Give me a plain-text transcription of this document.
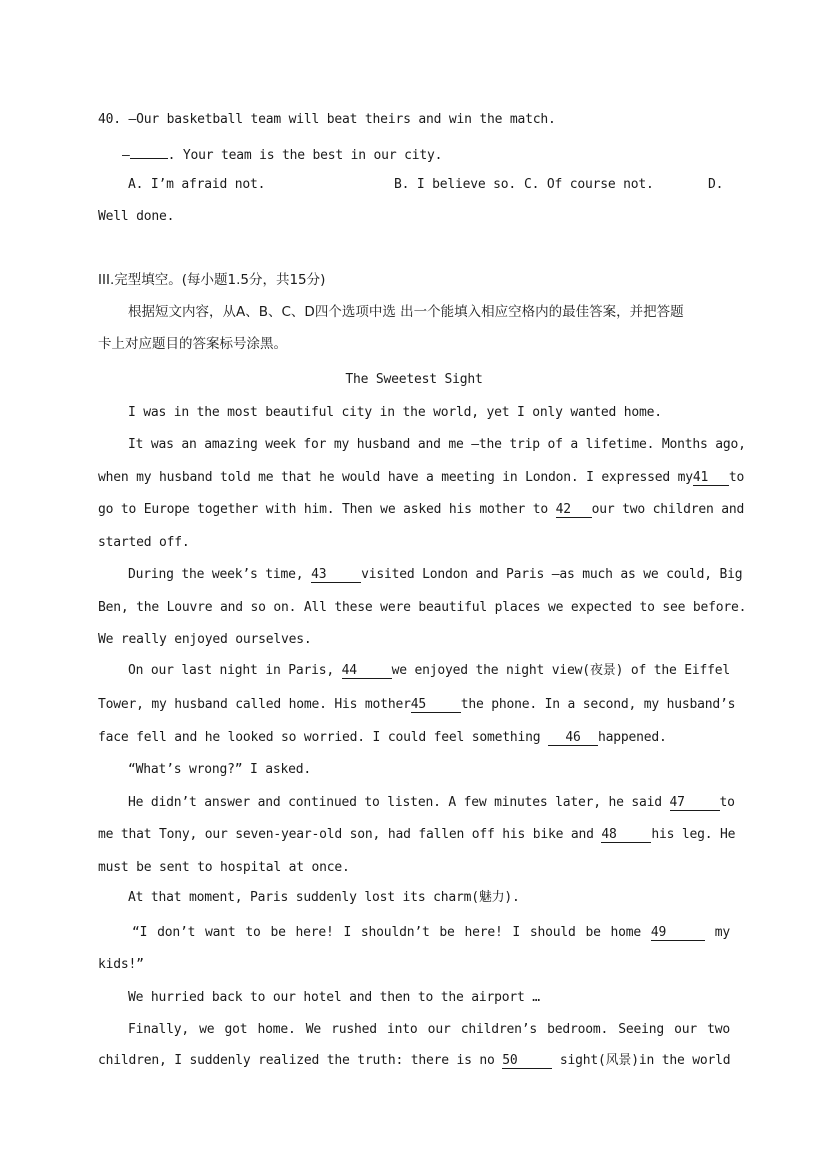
40. –Our basketball team will beat theirs and win the match.
–	. Your team is the best in our city.
A. I’m afraid not.	B. I believe so. C. Of course not.	D.
Well done.
III.完型填空。(每小题1.5分，共15分)
根据短文内容，从A、B、C、D四个选项中选 出一个能填入相应空格内的最佳答案，并把答题
卡上对应题目的答案标号涂黑。
The Sweetest Sight
I was in the most beautiful city in the world, yet I only wanted home.
It was an amazing week for my husband and me –the trip of a lifetime. Months ago,
when my husband told me that he would have a meeting in London. I expressed my41 to
go to Europe together with him. Then we asked his mother to 42 our two children and
started off.
During the week’s time, 43	visited London and Paris –as much as we could, Big
Ben, the Louvre and so on. All these were beautiful places we expected to see before.
We really enjoyed ourselves.
On our last night in Paris, 44	we enjoyed the night view(夜景) of the Eiffel
Tower, my husband called home. His mother45	the phone. In a second, my husband’s
face fell and he looked so worried. I could feel something 46 happened.
“What’s wrong?” I asked.
He didn’t answer and continued to listen. A few minutes later, he said 47	to
me that Tony, our seven-year-old son, had fallen off his bike and 48	his leg. He
must be sent to hospital at once.
At that moment, Paris suddenly lost its charm(魅力).
“I don’t want to be here! I shouldn’t be here! I should be home 49	my
kids!”
We hurried back to our hotel and then to the airport …
Finally, we got home. We rushed into our children’s bedroom. Seeing our two
children, I suddenly realized the truth: there is no 50	sight(风景)in the world
